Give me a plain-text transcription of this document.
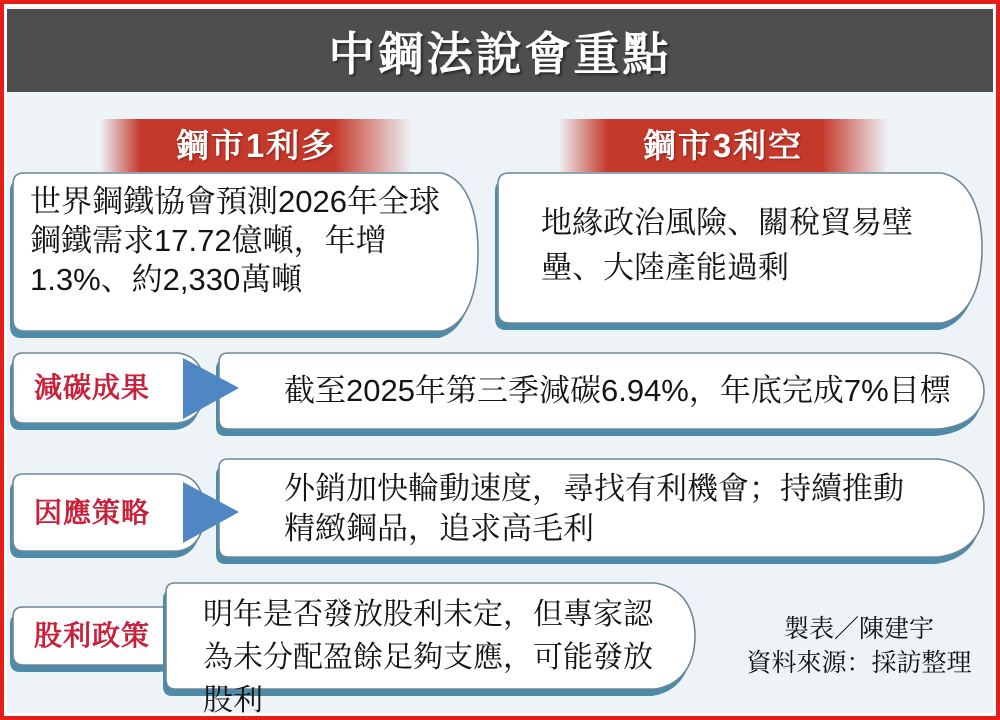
中鋼法說會重點
鋼市1利多	鋼市3利空
世界鋼鐵協會預測2026年全球鋼鐵需求17.72億噸，年增1.3%、約2,330萬噸
地緣政治風險、關稅貿易壁壘、大陸產能過剩
減碳成果	截至2025年第三季減碳6.94%，年底完成7%目標
因應策略
外銷加快輪動速度，尋找有利機會；持續推動精緻鋼品，追求高毛利
股利政策
明年是否發放股利未定，但專家認為未分配盈餘足夠支應，可能發放股利
製表／陳建宇
資料來源：採訪整理
